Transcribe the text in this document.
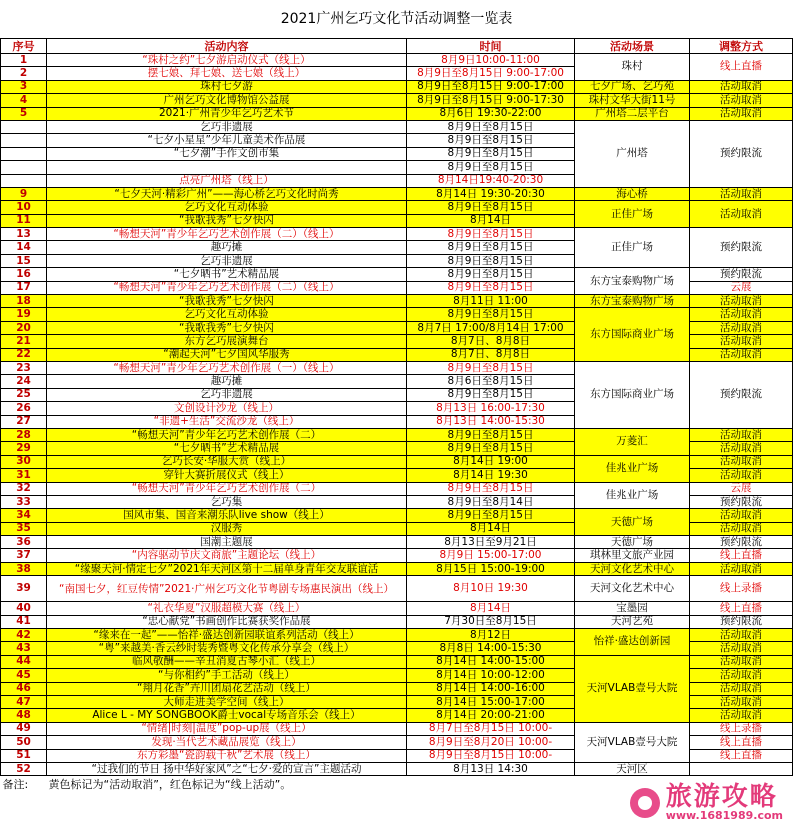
2021广州乞巧文化节活动调整一览表				
序号	活动内容	时间	活动场景	调整方式
1	“珠村之约”七夕游启动仪式（线上）	8月9日10:00-11:00	珠村	线上直播
2	摆七娘、拜七娘、送七娘（线上）	8月9日至8月15日 9:00-17:00		
3	珠村七夕游	8月9日至8月15日 9:00-17:00	七夕广场、乞巧苑	活动取消
4	广州乞巧文化博物馆公益展	8月9日至8月15日 9:00-17:30	珠村文华大街11号	活动取消
5	2021·广州青少年乞巧艺术节	8月6日 19:30-22:00	广州塔二层平台	活动取消
	乞巧非遗展	8月9日至8月15日	广州塔	预约限流
	“七夕小星星”少年儿童美术作品展	8月9日至8月15日		
	“七夕潮”手作文创市集	8月9日至8月15日		
		8月9日至8月15日		
	点亮广州塔（线上）	8月14日19:40-20:30		
9	“七夕天河·精彩广州”——海心桥乞巧文化时尚秀	8月14日 19:30-20:30	海心桥	活动取消
10	乞巧文化互动体验	8月9日至8月15日	正佳广场	活动取消
11	“我歌我秀”七夕快闪	8月14日		
13	“畅想天河”青少年乞巧艺术创作展（二）（线上）	8月9日至8月15日	正佳广场	预约限流
14	趣巧摊	8月9日至8月15日		
15	乞巧非遗展	8月9日至8月15日		
16	“七夕晒书”艺术精品展	8月9日至8月15日	东方宝泰购物广场	预约限流
17	“畅想天河”青少年乞巧艺术创作展（二）（线上）	8月9日至8月15日		云展
18	“我歌我秀”七夕快闪	8月11日 11:00	东方宝泰购物广场	活动取消
19	乞巧文化互动体验	8月9日至8月15日	东方国际商业广场	活动取消
20	“我歌我秀”七夕快闪	8月7日 17:00/8月14日 17:00		活动取消
21	东方乞巧展演舞台	8月7日、8月8日		活动取消
22	“潮起天河”七夕国风华服秀	8月7日、8月8日		活动取消
23	“畅想天河”青少年乞巧艺术创作展（一）（线上）	8月9日至8月15日	东方国际商业广场	预约限流
24	趣巧摊	8月6日至8月15日		
25	乞巧非遗展	8月9日至8月15日		
26	文创设计沙龙（线上）	8月13日 16:00-17:30		
27	“非遗+生活”交流沙龙（线上）	8月13日 14:00-15:30		
28	“畅想天河”青少年乞巧艺术创作展（二）	8月9日至8月15日	万菱汇	活动取消
29	“七夕晒书”艺术精品展	8月9日至8月15日		活动取消
30	乞巧长安·华服大赏（线上）	8月14日 19:00	佳兆业广场	活动取消
31	穿针大赛折展仪式（线上）	8月14日 19:30		活动取消
32	“畅想天河”青少年乞巧艺术创作展（二）	8月9日至8月15日	佳兆业广场	云展
33	乞巧集	8月9日至8月14日		预约限流
34	国风市集、国音来潮乐队live show（线上）	8月9日至8月15日	天德广场	活动取消
35	汉服秀	8月14日		活动取消
36	国潮主题展	8月13日至9月21日	天德广场	预约限流
37	“内容驱动节庆文商旅”主题论坛（线上）	8月9日 15:00-17:00	琪林里文旅产业园	线上直播
38	“缘聚天河·情定七夕”2021年天河区第十二届单身青年交友联谊活	8月15日 15:00-19:00	天河文化艺术中心	活动取消
39	“南国七夕，红豆传情”2021·广州乞巧文化节粤剧专场惠民演出（线上）	8月10日 19:30	天河文化艺术中心	线上录播
40	“礼衣华夏”汉服超模大赛（线上）	8月14日	宝墨园	线上直播
41	“忠心献党”书画创作比赛获奖作品展	7月30日至8月15日	天河艺苑	预约限流
42	“缘来在一起”——怡祥·盛达创新园联谊系列活动（线上）	8月12日	怡祥·盛达创新园	活动取消
43	“粤”来越美·香云纱时装秀暨粤文化传承分享会（线上）	8月8日 14:00-15:30		活动取消
44	临风敬酬——辛丑消夏古琴小汇（线上）	8月14日 14:00-15:00	天河VLAB壹号大院	活动取消
45	“与你相约”手工活动（线上）	8月14日 10:00-12:00		活动取消
46	“翔月花香”卉川团扇花艺活动（线上）	8月14日 14:00-16:00		活动取消
47	大师走进美学空间（线上）	8月14日 15:00-17:00		活动取消
48	Alice L - MY SONGBOOK爵士vocal专场音乐会（线上）	8月14日 20:00-21:00		活动取消
49	“情绪|时刻|温度”pop-up展（线上）	8月7日至8月15日 10:00-	天河VLAB壹号大院	线上录播
50	发现·当代艺术藏品展览（线上）	8月9日至8月20日 10:00-		线上直播
51	东方彩墨“瓷韵载千秋”艺术展（线上）	8月9日至8月15日 10:00-		线上直播
52	“过我们的节日 扬中华好家风”之“七夕·爱的宣言”主题活动	8月13日 14:30	天河区	
备注:	黄色标记为“活动取消”，红色标记为“线上活动”。				旅游攻略
www.1681989.com
